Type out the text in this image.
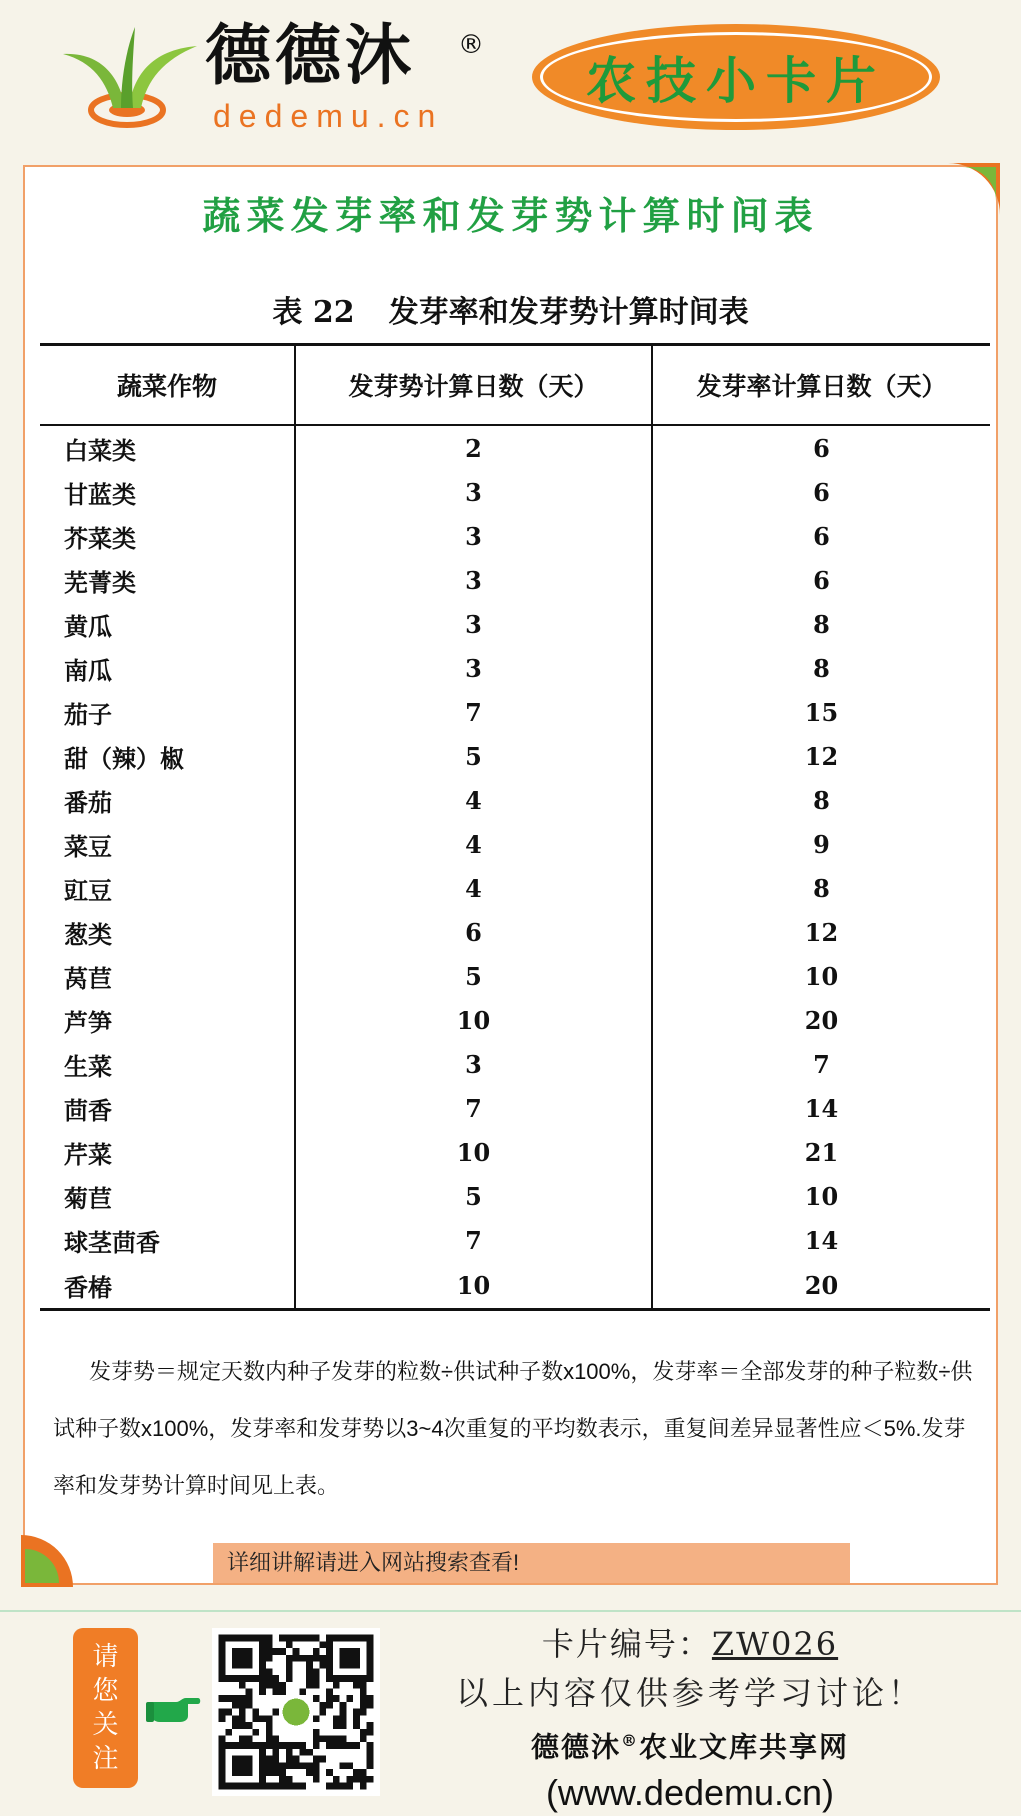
德德沐 ®
dedemu.cn
农技小卡片
蔬菜发芽率和发芽势计算时间表
表 22 发芽率和发芽势计算时间表
蔬菜作物	发芽势计算日数（天）	发芽率计算日数（天）
白菜类	2	6
甘蓝类	3	6
芥菜类	3	6
芜菁类	3	6
黄瓜	3	8
南瓜	3	8
茄子	7	15
甜（辣）椒	5	12
番茄	4	8
菜豆	4	9
豇豆	4	8
葱类	6	12
莴苣	5	10
芦笋	10	20
生菜	3	7
茴香	7	14
芹菜	10	21
菊苣	5	10
球茎茴香	7	14
香椿	10	20
发芽势＝规定天数内种子发芽的粒数÷供试种子数x100%，发芽率＝全部发芽的种子粒数÷供试种子数x100%，发芽率和发芽势以3~4次重复的平均数表示，重复间差异显著性应＜5%.发芽率和发芽势计算时间见上表。
详细讲解请进入网站搜索查看!
请
您
关
注
卡片编号：ZW026
以上内容仅供参考学习讨论！
德德沐®农业文库共享网
(www.dedemu.cn)
